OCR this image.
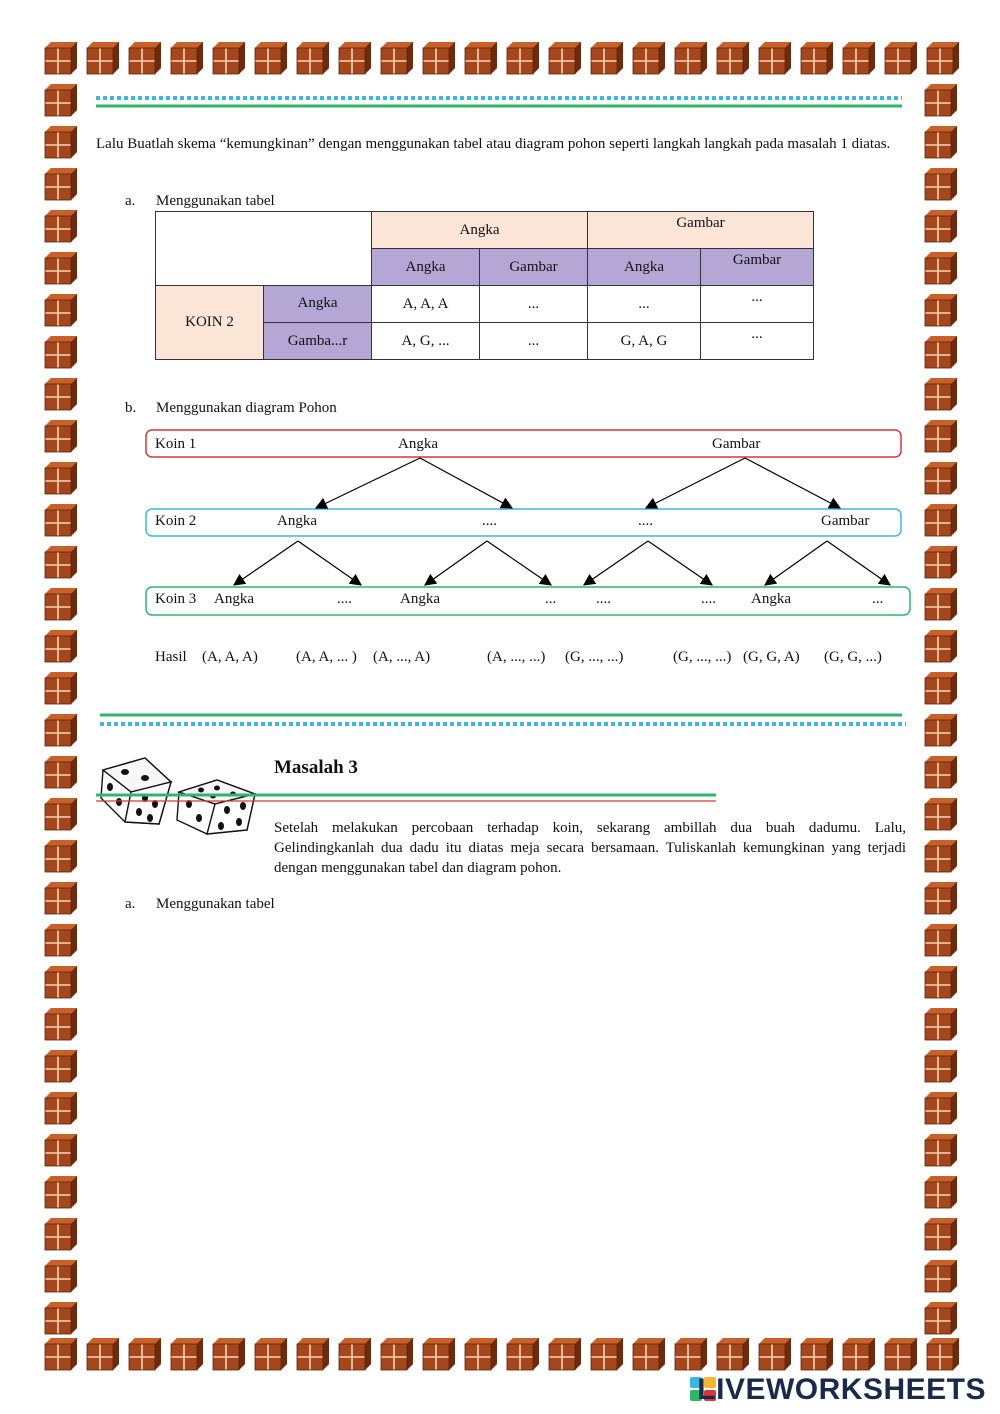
Lalu Buatlah skema “kemungkinan” dengan menggunakan tabel atau diagram pohon seperti langkah langkah pada masalah 1 diatas.
a. Menggunakan tabel
		Angka		Gambar	
		Angka	Gambar	Angka	Gambar
KOIN 2	Angka	A, A, A	...	...	...
	Gamba...r	A, G, ...	...	G, A, G	...
b. Menggunakan diagram Pohon
Koin 1	Angka	Gambar
Koin 2	Angka	....	....	Gambar
Koin 3 Angka	....	Angka	...	....	.... Angka	...
Hasil (A, A, A)	(A, A, ... ) (A, ..., A)	(A, ..., ...) (G, ..., ...)	(G, ..., ...) (G, G, A) (G, G, ...)
Masalah 3
Setelah melakukan percobaan terhadap koin, sekarang ambillah dua buah dadumu. Lalu, Gelindingkanlah dua dadu itu diatas meja secara bersamaan. Tuliskanlah kemungkinan yang terjadi dengan menggunakan tabel dan diagram pohon.
a. Menggunakan tabel
LIVEWORKSHEETS
